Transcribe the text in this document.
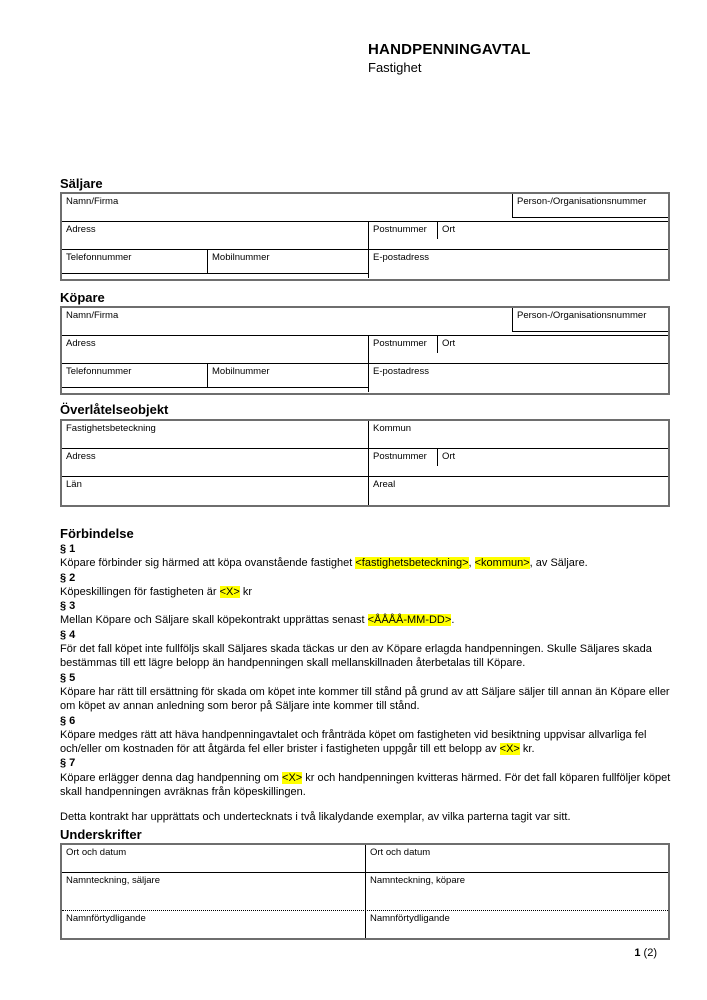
HANDPENNINGAVTAL
Fastighet
Säljare
Namn/Firma	Person-/Organisationsnummer
Adress	Postnummer	Ort
Telefonnummer	Mobilnummer	E-postadress
Köpare
Namn/Firma	Person-/Organisationsnummer
Adress	Postnummer	Ort
Telefonnummer	Mobilnummer	E-postadress
Överlåtelseobjekt
Fastighetsbeteckning	Kommun
Adress	Postnummer	Ort
Län	Areal
Förbindelse

§ 1
Köpare förbinder sig härmed att köpa ovanstående fastighet <fastighetsbeteckning>, <kommun>, av Säljare.

§ 2
Köpeskillingen för fastigheten är <X> kr

§ 3
Mellan Köpare och Säljare skall köpekontrakt upprättas senast <ÅÅÅÅ-MM-DD>.

§ 4
För det fall köpet inte fullföljs skall Säljares skada täckas ur den av Köpare erlagda handpenningen. Skulle Säljares skada bestämmas till ett lägre belopp än handpenningen skall mellanskillnaden återbetalas till Köpare.

§ 5
Köpare har rätt till ersättning för skada om köpet inte kommer till stånd på grund av att Säljare säljer till annan än Köpare eller om köpet av annan anledning som beror på Säljare inte kommer till stånd.

§ 6
Köpare medges rätt att häva handpenningavtalet och frånträda köpet om fastigheten vid besiktning uppvisar allvarliga fel och/eller om kostnaden för att åtgärda fel eller brister i fastigheten uppgår till ett belopp av <X> kr.

§ 7
Köpare erlägger denna dag handpenning om <X> kr och handpenningen kvitteras härmed. För det fall köparen fullföljer köpet skall handpenningen avräknas från köpeskillingen.

Detta kontrakt har upprättats och undertecknats i två likalydande exemplar, av vilka parterna tagit var sitt.

Underskrifter
Ort och datum	Ort och datum
Namnteckning, säljare	Namnteckning, köpare
Namnförtydligande	Namnförtydligande
1 (2)
